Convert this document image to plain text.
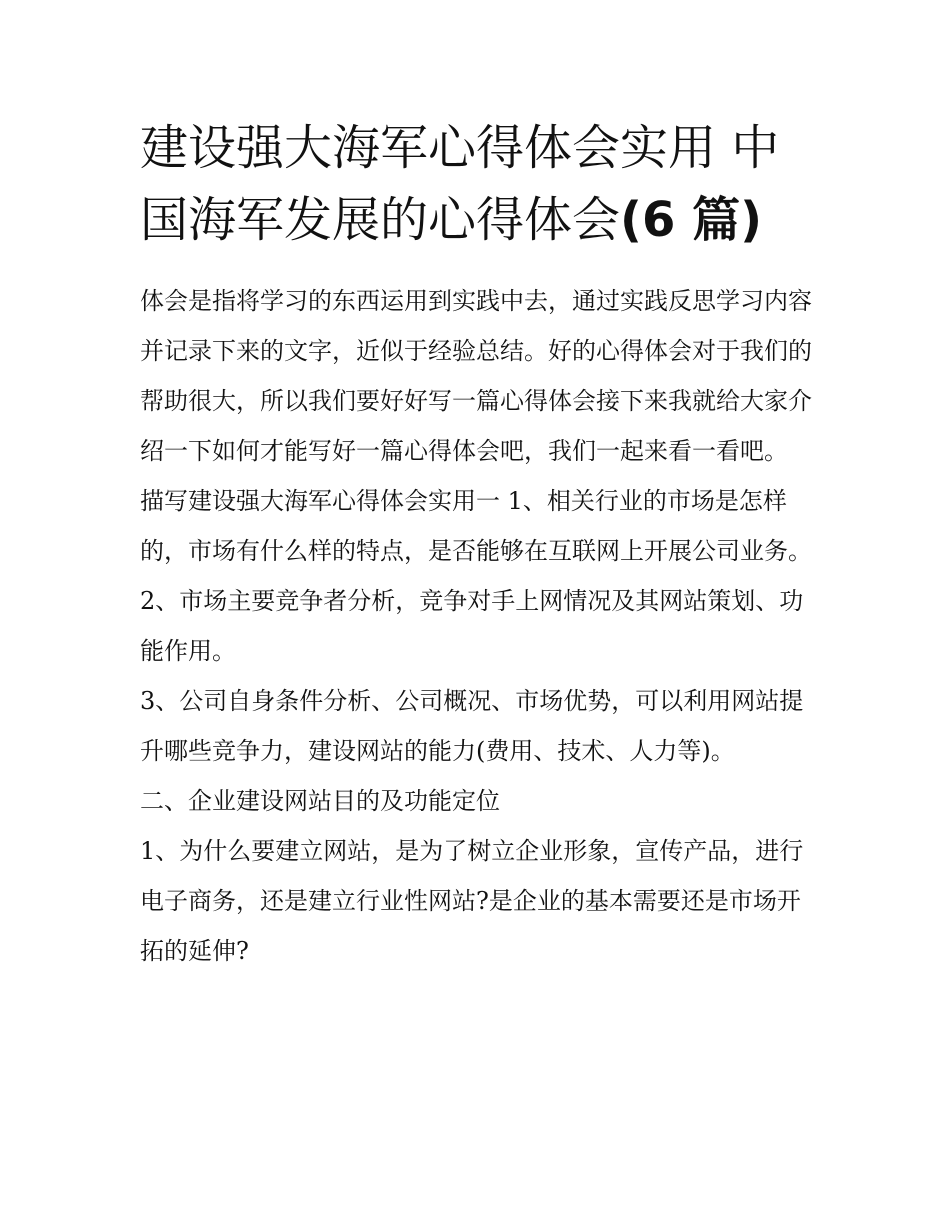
建设强大海军心得体会实用 中
国海军发展的心得体会(6 篇)

体会是指将学习的东西运用到实践中去，通过实践反思学习内容并记录下来的文字，近似于经验总结。好的心得体会对于我们的帮助很大，所以我们要好好写一篇心得体会接下来我就给大家介绍一下如何才能写好一篇心得体会吧，我们一起来看一看吧。

描写建设强大海军心得体会实用一 1、相关行业的市场是怎样的，市场有什么样的特点，是否能够在互联网上开展公司业务。

2、市场主要竞争者分析，竞争对手上网情况及其网站策划、功能作用。

3、公司自身条件分析、公司概况、市场优势，可以利用网站提升哪些竞争力，建设网站的能力(费用、技术、人力等)。

二、企业建设网站目的及功能定位

1、为什么要建立网站，是为了树立企业形象，宣传产品，进行电子商务，还是建立行业性网站?是企业的基本需要还是市场开拓的延伸?
